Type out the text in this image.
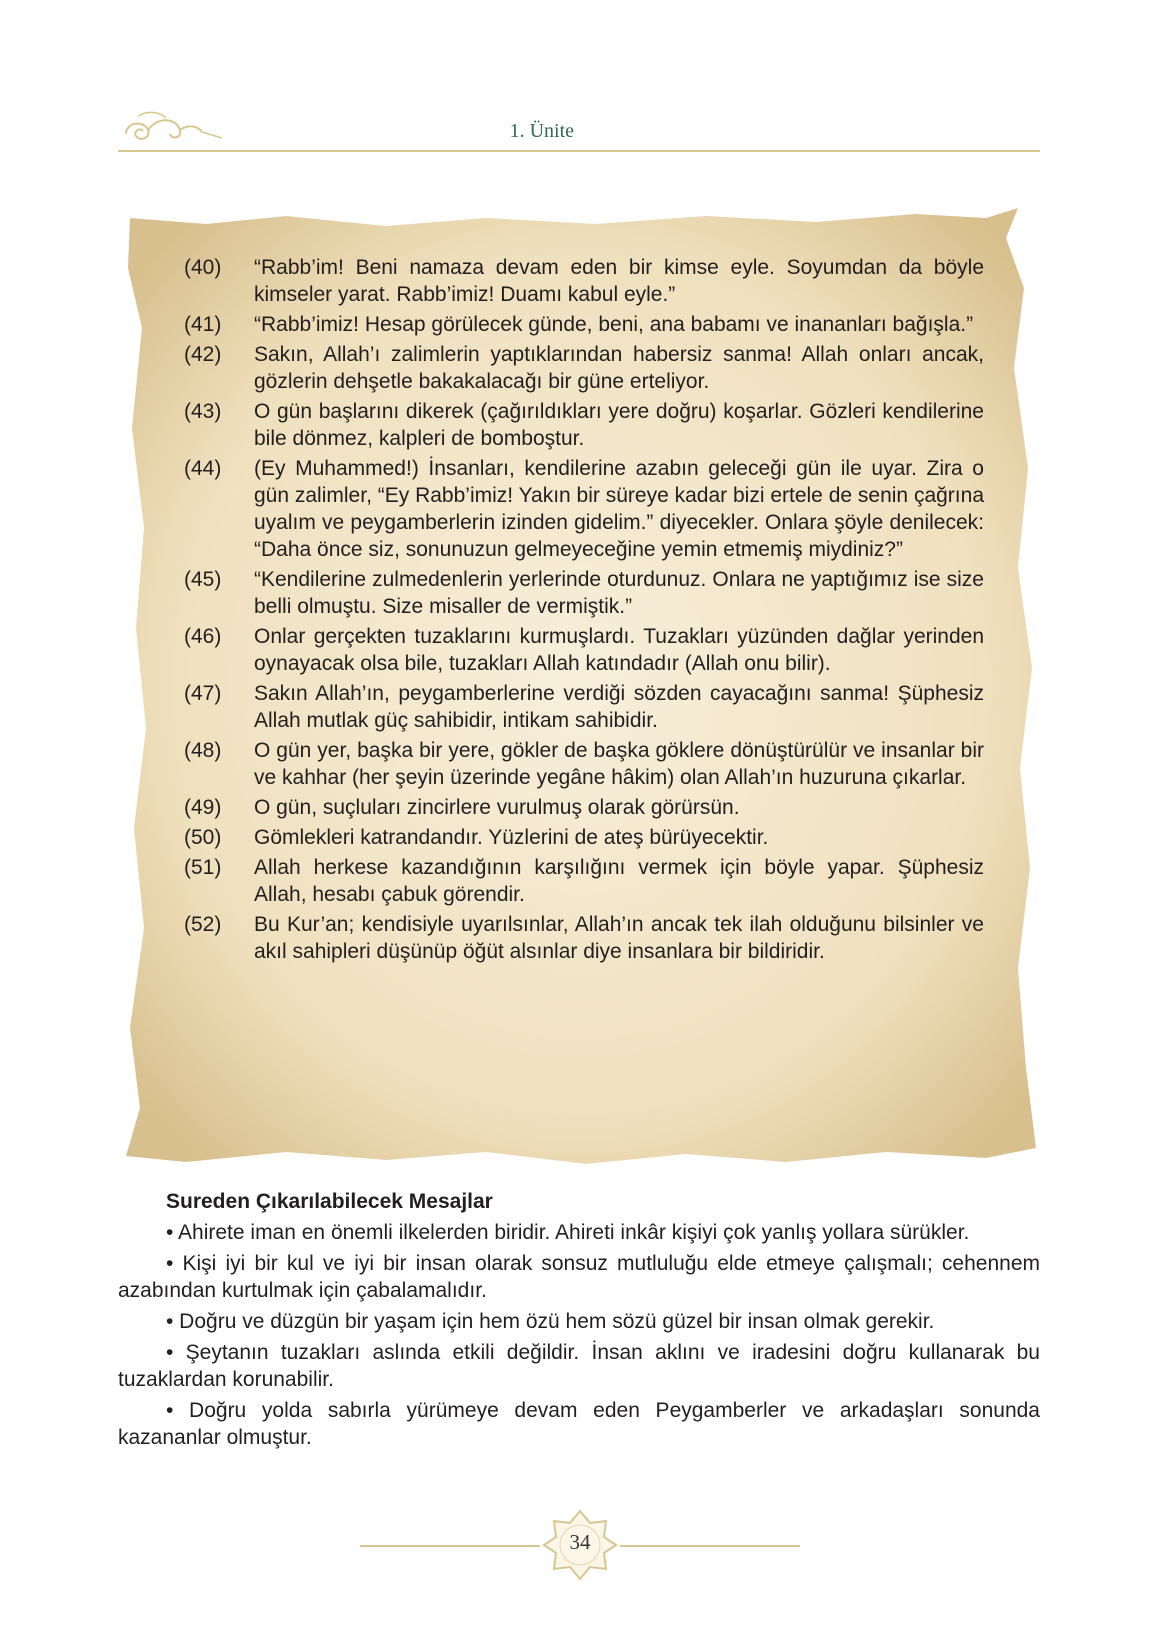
1. Ünite
(40)	“Rabb’im! Beni namaza devam eden bir kimse eyle. Soyumdan da böyle kimseler yarat. Rabb’imiz! Duamı kabul eyle.”
(41)	“Rabb’imiz! Hesap görülecek günde, beni, ana babamı ve inananları bağışla.”
(42)	Sakın, Allah’ı zalimlerin yaptıklarından habersiz sanma! Allah onları ancak, gözlerin dehşetle bakakalacağı bir güne erteliyor.
(43)	O gün başlarını dikerek (çağırıldıkları yere doğru) koşarlar. Gözleri kendilerine bile dönmez, kalpleri de bomboştur.
(44)	(Ey Muhammed!) İnsanları, kendilerine azabın geleceği gün ile uyar. Zira o gün zalimler, “Ey Rabb’imiz! Yakın bir süreye kadar bizi ertele de senin çağrına uyalım ve peygamberlerin izinden gidelim.” diyecekler. Onlara şöyle denilecek: “Daha önce siz, sonunuzun gelmeyeceğine yemin etmemiş miydiniz?”
(45)	“Kendilerine zulmedenlerin yerlerinde oturdunuz. Onlara ne yaptığımız ise size belli olmuştu. Size misaller de vermiştik.”
(46)	Onlar gerçekten tuzaklarını kurmuşlardı. Tuzakları yüzünden dağlar yerinden oynayacak olsa bile, tuzakları Allah katındadır (Allah onu bilir).
(47)	Sakın Allah’ın, peygamberlerine verdiği sözden cayacağını sanma! Şüphesiz Allah mutlak güç sahibidir, intikam sahibidir.
(48)	O gün yer, başka bir yere, gökler de başka göklere dönüştürülür ve insanlar bir ve kahhar (her şeyin üzerinde yegâne hâkim) olan Allah’ın huzuruna çıkarlar.
(49)	O gün, suçluları zincirlere vurulmuş olarak görürsün.
(50)	Gömlekleri katrandandır. Yüzlerini de ateş bürüyecektir.
(51)	Allah herkese kazandığının karşılığını vermek için böyle yapar. Şüphesiz Allah, hesabı çabuk görendir.
(52)	Bu Kur’an; kendisiyle uyarılsınlar, Allah’ın ancak tek ilah olduğunu bilsinler ve akıl sahipleri düşünüp öğüt alsınlar diye insanlara bir bildiridir.
Sureden Çıkarılabilecek Mesajlar
• Ahirete iman en önemli ilkelerden biridir. Ahireti inkâr kişiyi çok yanlış yollara sürükler.
• Kişi iyi bir kul ve iyi bir insan olarak sonsuz mutluluğu elde etmeye çalışmalı; cehennem azabından kurtulmak için çabalamalıdır.
• Doğru ve düzgün bir yaşam için hem özü hem sözü güzel bir insan olmak gerekir.
• Şeytanın tuzakları aslında etkili değildir. İnsan aklını ve iradesini doğru kullanarak bu tuzaklardan korunabilir.
• Doğru yolda sabırla yürümeye devam eden Peygamberler ve arkadaşları sonunda kazananlar olmuştur.
34
